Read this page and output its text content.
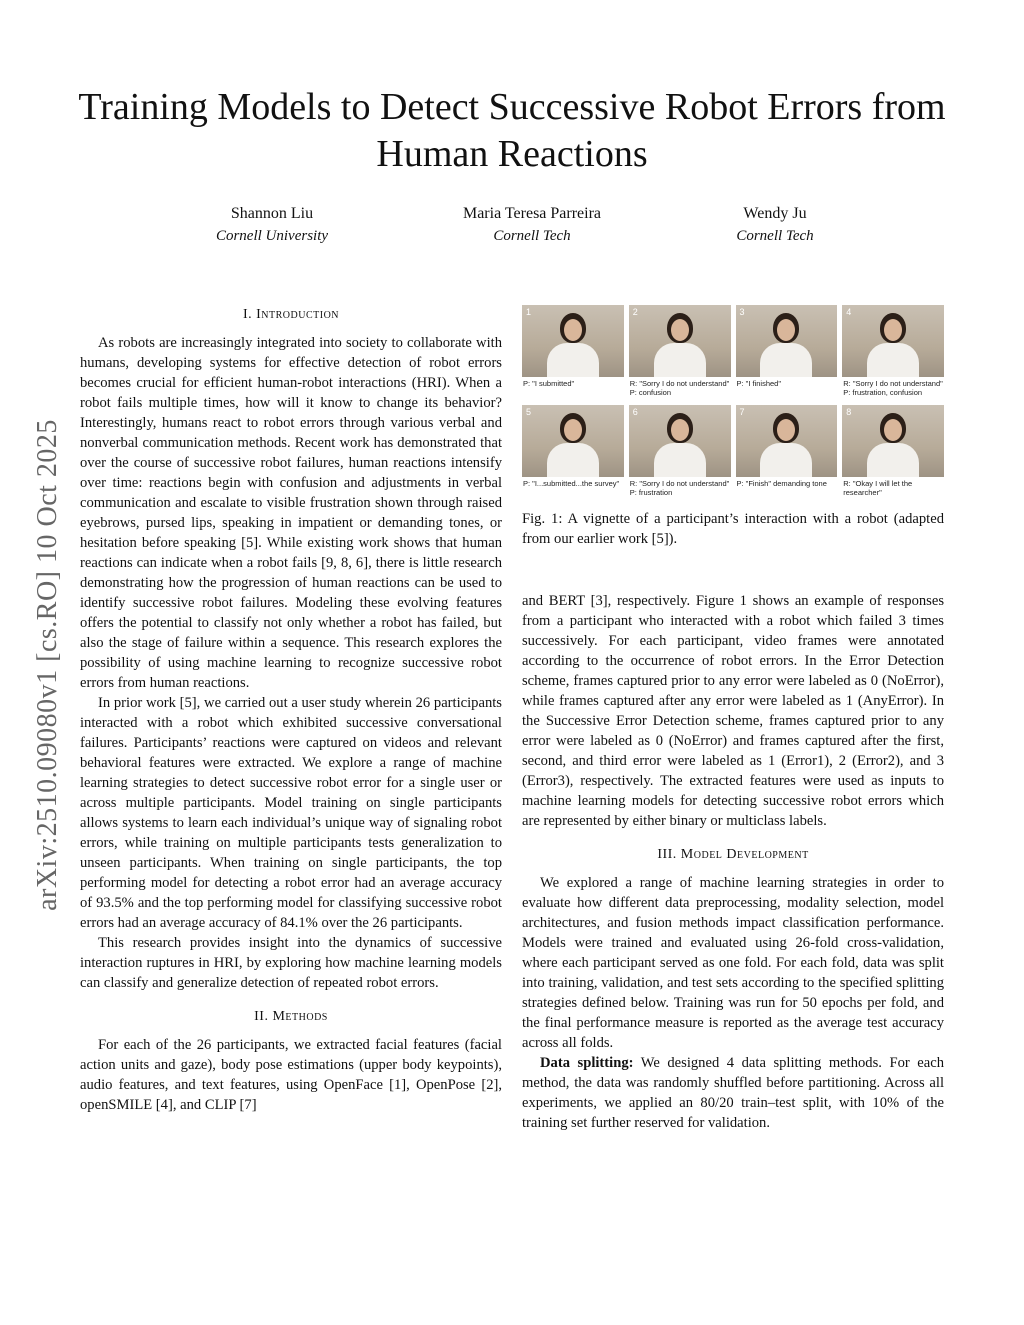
Training Models to Detect Successive Robot Errors from Human Reactions
Shannon Liu
Cornell University
Maria Teresa Parreira
Cornell Tech
Wendy Ju
Cornell Tech
arXiv:2510.09080v1 [cs.RO] 10 Oct 2025

I. Introduction

As robots are increasingly integrated into society to collaborate with humans, developing systems for effective detection of robot errors becomes crucial for efficient human-robot interactions (HRI). When a robot fails multiple times, how will it know to change its behavior? Interestingly, humans react to robot errors through various verbal and nonverbal communication methods. Recent work has demonstrated that over the course of successive robot failures, human reactions intensify over time: reactions begin with confusion and adjustments in verbal communication and escalate to visible frustration shown through raised eyebrows, pursed lips, speaking in impatient or demanding tones, or hesitation before speaking [5]. While existing work shows that human reactions can indicate when a robot fails [9, 8, 6], there is little research demonstrating how the progression of human reactions can be used to identify successive robot failures. Modeling these evolving features offers the potential to classify not only whether a robot has failed, but also the stage of failure within a sequence. This research explores the possibility of using machine learning to recognize successive robot errors from human reactions.

In prior work [5], we carried out a user study wherein 26 participants interacted with a robot which exhibited successive conversational failures. Participants’ reactions were captured on videos and relevant behavioral features were extracted. We explore a range of machine learning strategies to detect successive robot error for a single user or across multiple participants. Model training on single participants allows systems to learn each individual’s unique way of signaling robot errors, while training on multiple participants tests generalization to unseen participants. When training on single participants, the top performing model for detecting a robot error had an average accuracy of 93.5% and the top performing model for classifying successive robot errors had an average accuracy of 84.1% over the 26 participants.

This research provides insight into the dynamics of successive interaction ruptures in HRI, by exploring how machine learning models can classify and generalize detection of repeated robot errors.

II. Methods

For each of the 26 participants, we extracted facial features (facial action units and gaze), body pose estimations (upper body keypoints), audio features, and text features, using OpenFace [1], OpenPose [2], openSMILE [4], and CLIP [7]

1
P: "I submitted"
2
R: "Sorry I do not understand" P: confusion
3
P: "I finished"
4
R: "Sorry I do not understand" P: frustration, confusion
5
P: "I...submitted...the survey"
6
R: "Sorry I do not understand" P: frustration
7
P: "Finish" demanding tone
8
R: "Okay I will let the researcher"
Fig. 1: A vignette of a participant’s interaction with a robot (adapted from our earlier work [5]).

and BERT [3], respectively. Figure 1 shows an example of responses from a participant who interacted with a robot which failed 3 times successively. For each participant, video frames were annotated according to the occurrence of robot errors. In the Error Detection scheme, frames captured prior to any error were labeled as 0 (NoError), while frames captured after any error were labeled as 1 (AnyError). In the Successive Error Detection scheme, frames captured prior to any error were labeled as 0 (NoError) and frames captured after the first, second, and third error were labeled as 1 (Error1), 2 (Error2), and 3 (Error3), respectively. The extracted features were used as inputs to machine learning models for detecting successive robot errors which are represented by either binary or multiclass labels.

III. Model Development

We explored a range of machine learning strategies in order to evaluate how different data preprocessing, modality selection, model architectures, and fusion methods impact classification performance. Models were trained and evaluated using 26-fold cross-validation, where each participant served as one fold. For each fold, data was split into training, validation, and test sets according to the specified splitting strategies defined below. Training was run for 50 epochs per fold, and the final performance measure is reported as the average test accuracy across all folds.

Data splitting: We designed 4 data splitting methods. For each method, the data was randomly shuffled before partitioning. Across all experiments, we applied an 80/20 train–test split, with 10% of the training set further reserved for validation.
